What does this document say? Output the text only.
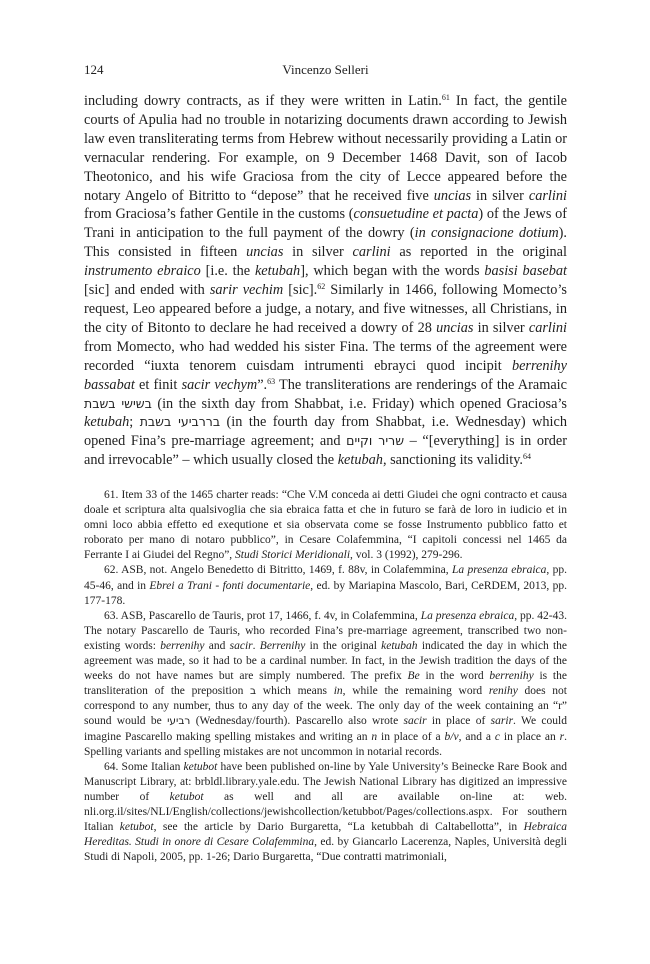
124	Vincenzo Selleri

including dowry contracts, as if they were written in Latin.$^{61}$ In fact, the gentile courts of Apulia had no trouble in notarizing documents drawn according to Jewish law even transliterating terms from Hebrew without necessarily providing a Latin or vernacular rendering. For example, on 9 December 1468 Davit, son of Iacob Theotonico, and his wife Graciosa from the city of Lecce appeared before the notary Angelo of Bitritto to “depose” that he received five uncias in silver carlini from Graciosa’s father Gentile in the customs (consuetudine et pacta) of the Jews of Trani in anticipation to the full payment of the dowry (in consignacione dotium). This consisted in fifteen uncias in silver carlini as reported in the original instrumento ebraico [i.e. the ketubah], which began with the words basisi basebat [sic] and ended with sarir vechim [sic].$^{62}$ Similarly in 1466, following Momecto’s request, Leo appeared before a judge, a notary, and five witnesses, all Christians, in the city of Bitonto to declare he had received a dowry of 28 uncias in silver carlini from Momecto, who had wedded his sister Fina. The terms of the agreement were recorded “iuxta tenorem cuisdam intrumenti ebrayci quod incipit berrenihy bassabat et finit sacir vechym”.$^{63}$ The transliterations are renderings of the Aramaic בשישי בשבת (in the sixth day from Shabbat, i.e. Friday) which opened Graciosa’s ketubah; בררביעי בשבת (in the fourth day from Shabbat, i.e. Wednesday) which opened Fina’s pre-marriage agreement; and שריר וקיים – “[everything] is in order and irrevocable” – which usually closed the ketubah, sanctioning its validity.$^{64}$

61. Item 33 of the 1465 charter reads: “Che V.M conceda ai detti Giudei che ogni contracto et causa doale et scriptura alta qualsivoglia che sia ebraica fatta et che in futuro se farà de loro in iudicio et in omni loco abbia effetto ed exequtione et sia observata come se fosse Instrumento pubblico fatto et roborato per mano di notaro pubblico”, in Cesare Colafemmina, “I capitoli concessi nel 1465 da Ferrante I ai Giudei del Regno”, Studi Storici Meridionali, vol. 3 (1992), 279-296.

62. ASB, not. Angelo Benedetto di Bitritto, 1469, f. 88v, in Colafemmina, La presenza ebraica, pp. 45-46, and in Ebrei a Trani - fonti documentarie, ed. by Mariapina Mascolo, Bari, CeRDEM, 2013, pp. 177-178.

63. ASB, Pascarello de Tauris, prot 17, 1466, f. 4v, in Colafemmina, La presenza ebraica, pp. 42-43. The notary Pascarello de Tauris, who recorded Fina’s pre-marriage agreement, transcribed two non-existing words: berrenihy and sacir. Berrenihy in the original ketubah indicated the day in which the agreement was made, so it had to be a cardinal number. In fact, in the Jewish tradition the days of the weeks do not have names but are simply numbered. The prefix Be in the word berrenihy is the transliteration of the preposition ב which means in, while the remaining word renihy does not correspond to any number, thus to any day of the week. The only day of the week containing an “r” sound would be רביעי (Wednesday/fourth). Pascarello also wrote sacir in place of sarir. We could imagine Pascarello making spelling mistakes and writing an n in place of a b/v, and a c in place an r. Spelling variants and spelling mistakes are not uncommon in notarial records.

64. Some Italian ketubot have been published on-line by Yale University’s Beinecke Rare Book and Manuscript Library, at: brbldl.library.yale.edu. The Jewish National Library has digitized an impressive number of ketubot as well and all are available on-line at: web. nli.org.il/sites/NLI/English/collections/jewishcollection/ketubbot/Pages/collections.aspx. For southern Italian ketubot, see the article by Dario Burgaretta, “La ketubbah di Caltabellotta”, in Hebraica Hereditas. Studi in onore di Cesare Colafemmina, ed. by Giancarlo Lacerenza, Naples, Università degli Studi di Napoli, 2005, pp. 1-26; Dario Burgaretta, “Due contratti matrimoniali,
